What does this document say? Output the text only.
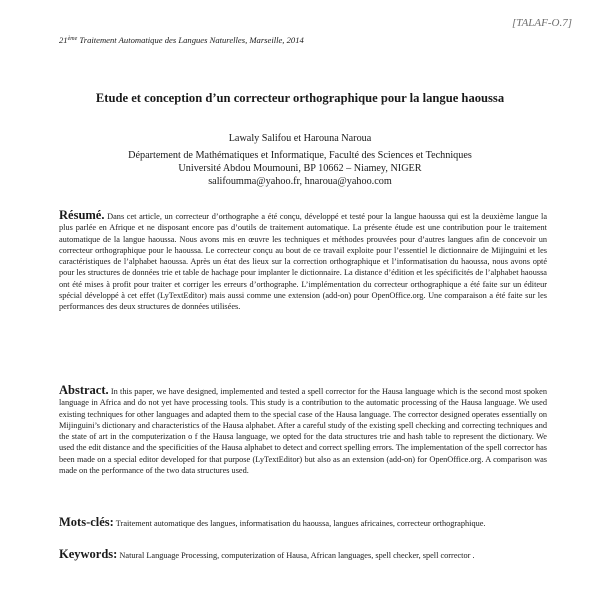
21ème Traitement Automatique des Langues Naturelles, Marseille, 2014
[TALAF-O.7]
Etude et conception d’un correcteur orthographique pour la langue haoussa
Lawaly Salifou et Harouna Naroua
Département de Mathématiques et Informatique, Faculté des Sciences et Techniques
Université Abdou Moumouni, BP 10662 – Niamey, NIGER
salifoumma@yahoo.fr, hnaroua@yahoo.com
Résumé. Dans cet article, un correcteur d’orthographe a été conçu, développé et testé pour la langue haoussa qui est la deuxième langue la plus parlée en Afrique et ne disposant encore pas d’outils de traitement automatique. La présente étude est une contribution pour le traitement automatique de la langue haoussa. Nous avons mis en œuvre les techniques et méthodes prouvées pour d’autres langues afin de concevoir un correcteur orthographique pour le haoussa. Le correcteur conçu au bout de ce travail exploite pour l’essentiel le dictionnaire de Mijinguini et les caractéristiques de l’alphabet haoussa. Après un état des lieux sur la correction orthographique et l’informatisation du haoussa, nous avons opté pour les structures de données trie et table de hachage pour implanter le dictionnaire. La distance d’édition et les spécificités de l’alphabet haoussa ont été mises à profit pour traiter et corriger les erreurs d’orthographe. L’implémentation du correcteur orthographique a été faite sur un éditeur spécial développé à cet effet (LyTextEditor) mais aussi comme une extension (add-on) pour OpenOffice.org. Une comparaison a été faite sur les performances des deux structures de données utilisées.
Abstract. In this paper, we have designed, implemented and tested a spell corrector for the Hausa language which is the second most spoken language in Africa and do not yet have processing tools. This study is a contribution to the automatic processing of the Hausa language. We used existing techniques for other languages and adapted them to the special case of the Hausa language. The corrector designed operates essentially on Mijinguini’s dictionary and characteristics of the Hausa alphabet. After a careful study of the existing spell checking and correcting techniques and the state of art in the computerization o f the Hausa language, we opted for the data structures trie and hash table to represent the dictionary. We used the edit distance and the specificities of the Hausa alphabet to detect and correct spelling errors. The implementation of the spell corrector has been made on a special editor developed for that purpose (LyTextEditor) but also as an extension (add-on) for OpenOffice.org. A comparison was made on the performance of the two data structures used.
Mots-clés: Traitement automatique des langues, informatisation du haoussa, langues africaines, correcteur orthographique.
Keywords: Natural Language Processing, computerization of Hausa, African languages, spell checker, spell corrector .
